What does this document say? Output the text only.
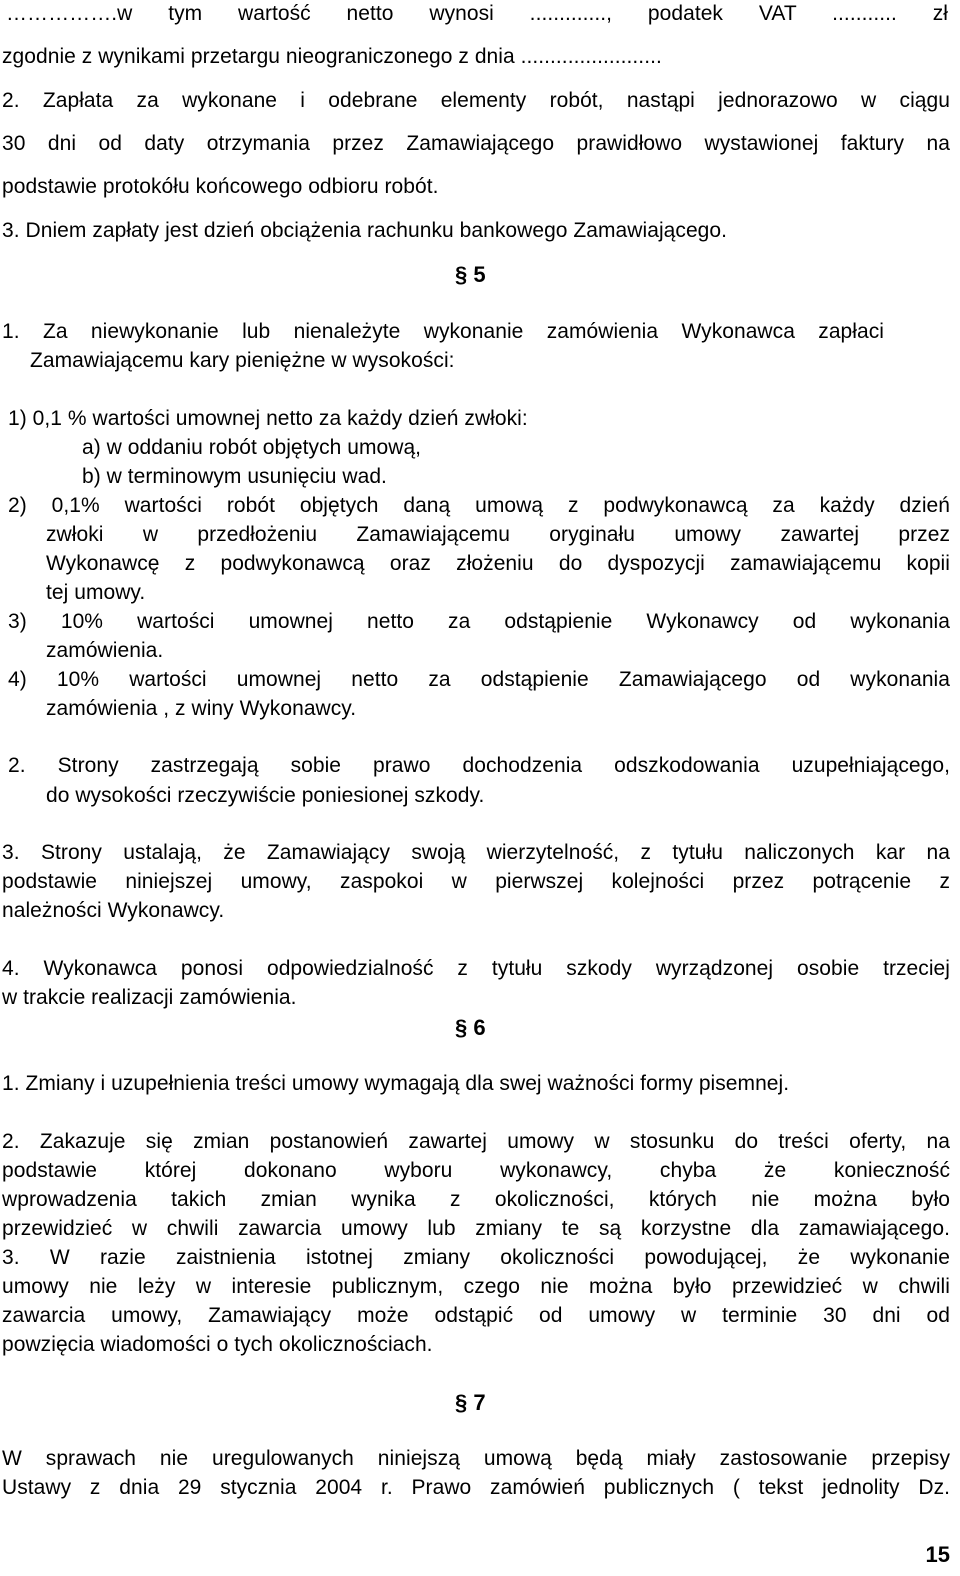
…………….w tym wartość netto wynosi ............., podatek VAT ........... zł
zgodnie z wynikami przetargu nieograniczonego z dnia ........................
2. Zapłata za wykonane i odebrane elementy robót, nastąpi jednorazowo w ciągu
30 dni od daty otrzymania przez Zamawiającego prawidłowo wystawionej faktury na
podstawie protokółu końcowego odbioru robót.
3. Dniem zapłaty jest dzień obciążenia rachunku bankowego Zamawiającego.
§ 5
1. Za niewykonanie lub nienależyte wykonanie zamówienia Wykonawca zapłaci
Zamawiającemu kary pieniężne w wysokości:
1) 0,1 % wartości umownej netto za każdy dzień zwłoki:
a) w oddaniu robót objętych umową,
b) w terminowym usunięciu wad.
2) 0,1% wartości robót objętych daną umową z podwykonawcą za każdy dzień
zwłoki w przedłożeniu Zamawiającemu oryginału umowy zawartej przez
Wykonawcę z podwykonawcą oraz złożeniu do dyspozycji zamawiającemu kopii
tej umowy.
3) 10% wartości umownej netto za odstąpienie Wykonawcy od wykonania
zamówienia.
4) 10% wartości umownej netto za odstąpienie Zamawiającego od wykonania
zamówienia , z winy Wykonawcy.
2. Strony zastrzegają sobie prawo dochodzenia odszkodowania uzupełniającego,
do wysokości rzeczywiście poniesionej szkody.
3. Strony ustalają, że Zamawiający swoją wierzytelność, z tytułu naliczonych kar na
podstawie niniejszej umowy, zaspokoi w pierwszej kolejności przez potrącenie z
należności Wykonawcy.
4. Wykonawca ponosi odpowiedzialność z tytułu szkody wyrządzonej osobie trzeciej
w trakcie realizacji zamówienia.
§ 6
1. Zmiany i uzupełnienia treści umowy wymagają dla swej ważności formy pisemnej.
2. Zakazuje się zmian postanowień zawartej umowy w stosunku do treści oferty, na
podstawie której dokonano wyboru wykonawcy, chyba że konieczność
wprowadzenia takich zmian wynika z okoliczności, których nie można było
przewidzieć w chwili zawarcia umowy lub zmiany te są korzystne dla zamawiającego.
3. W razie zaistnienia istotnej zmiany okoliczności powodującej, że wykonanie
umowy nie leży w interesie publicznym, czego nie można było przewidzieć w chwili
zawarcia umowy, Zamawiający może odstąpić od umowy w terminie 30 dni od
powzięcia wiadomości o tych okolicznościach.
§ 7
W sprawach nie uregulowanych niniejszą umową będą miały zastosowanie przepisy
Ustawy z dnia 29 stycznia 2004 r. Prawo zamówień publicznych ( tekst jednolity Dz.
15
